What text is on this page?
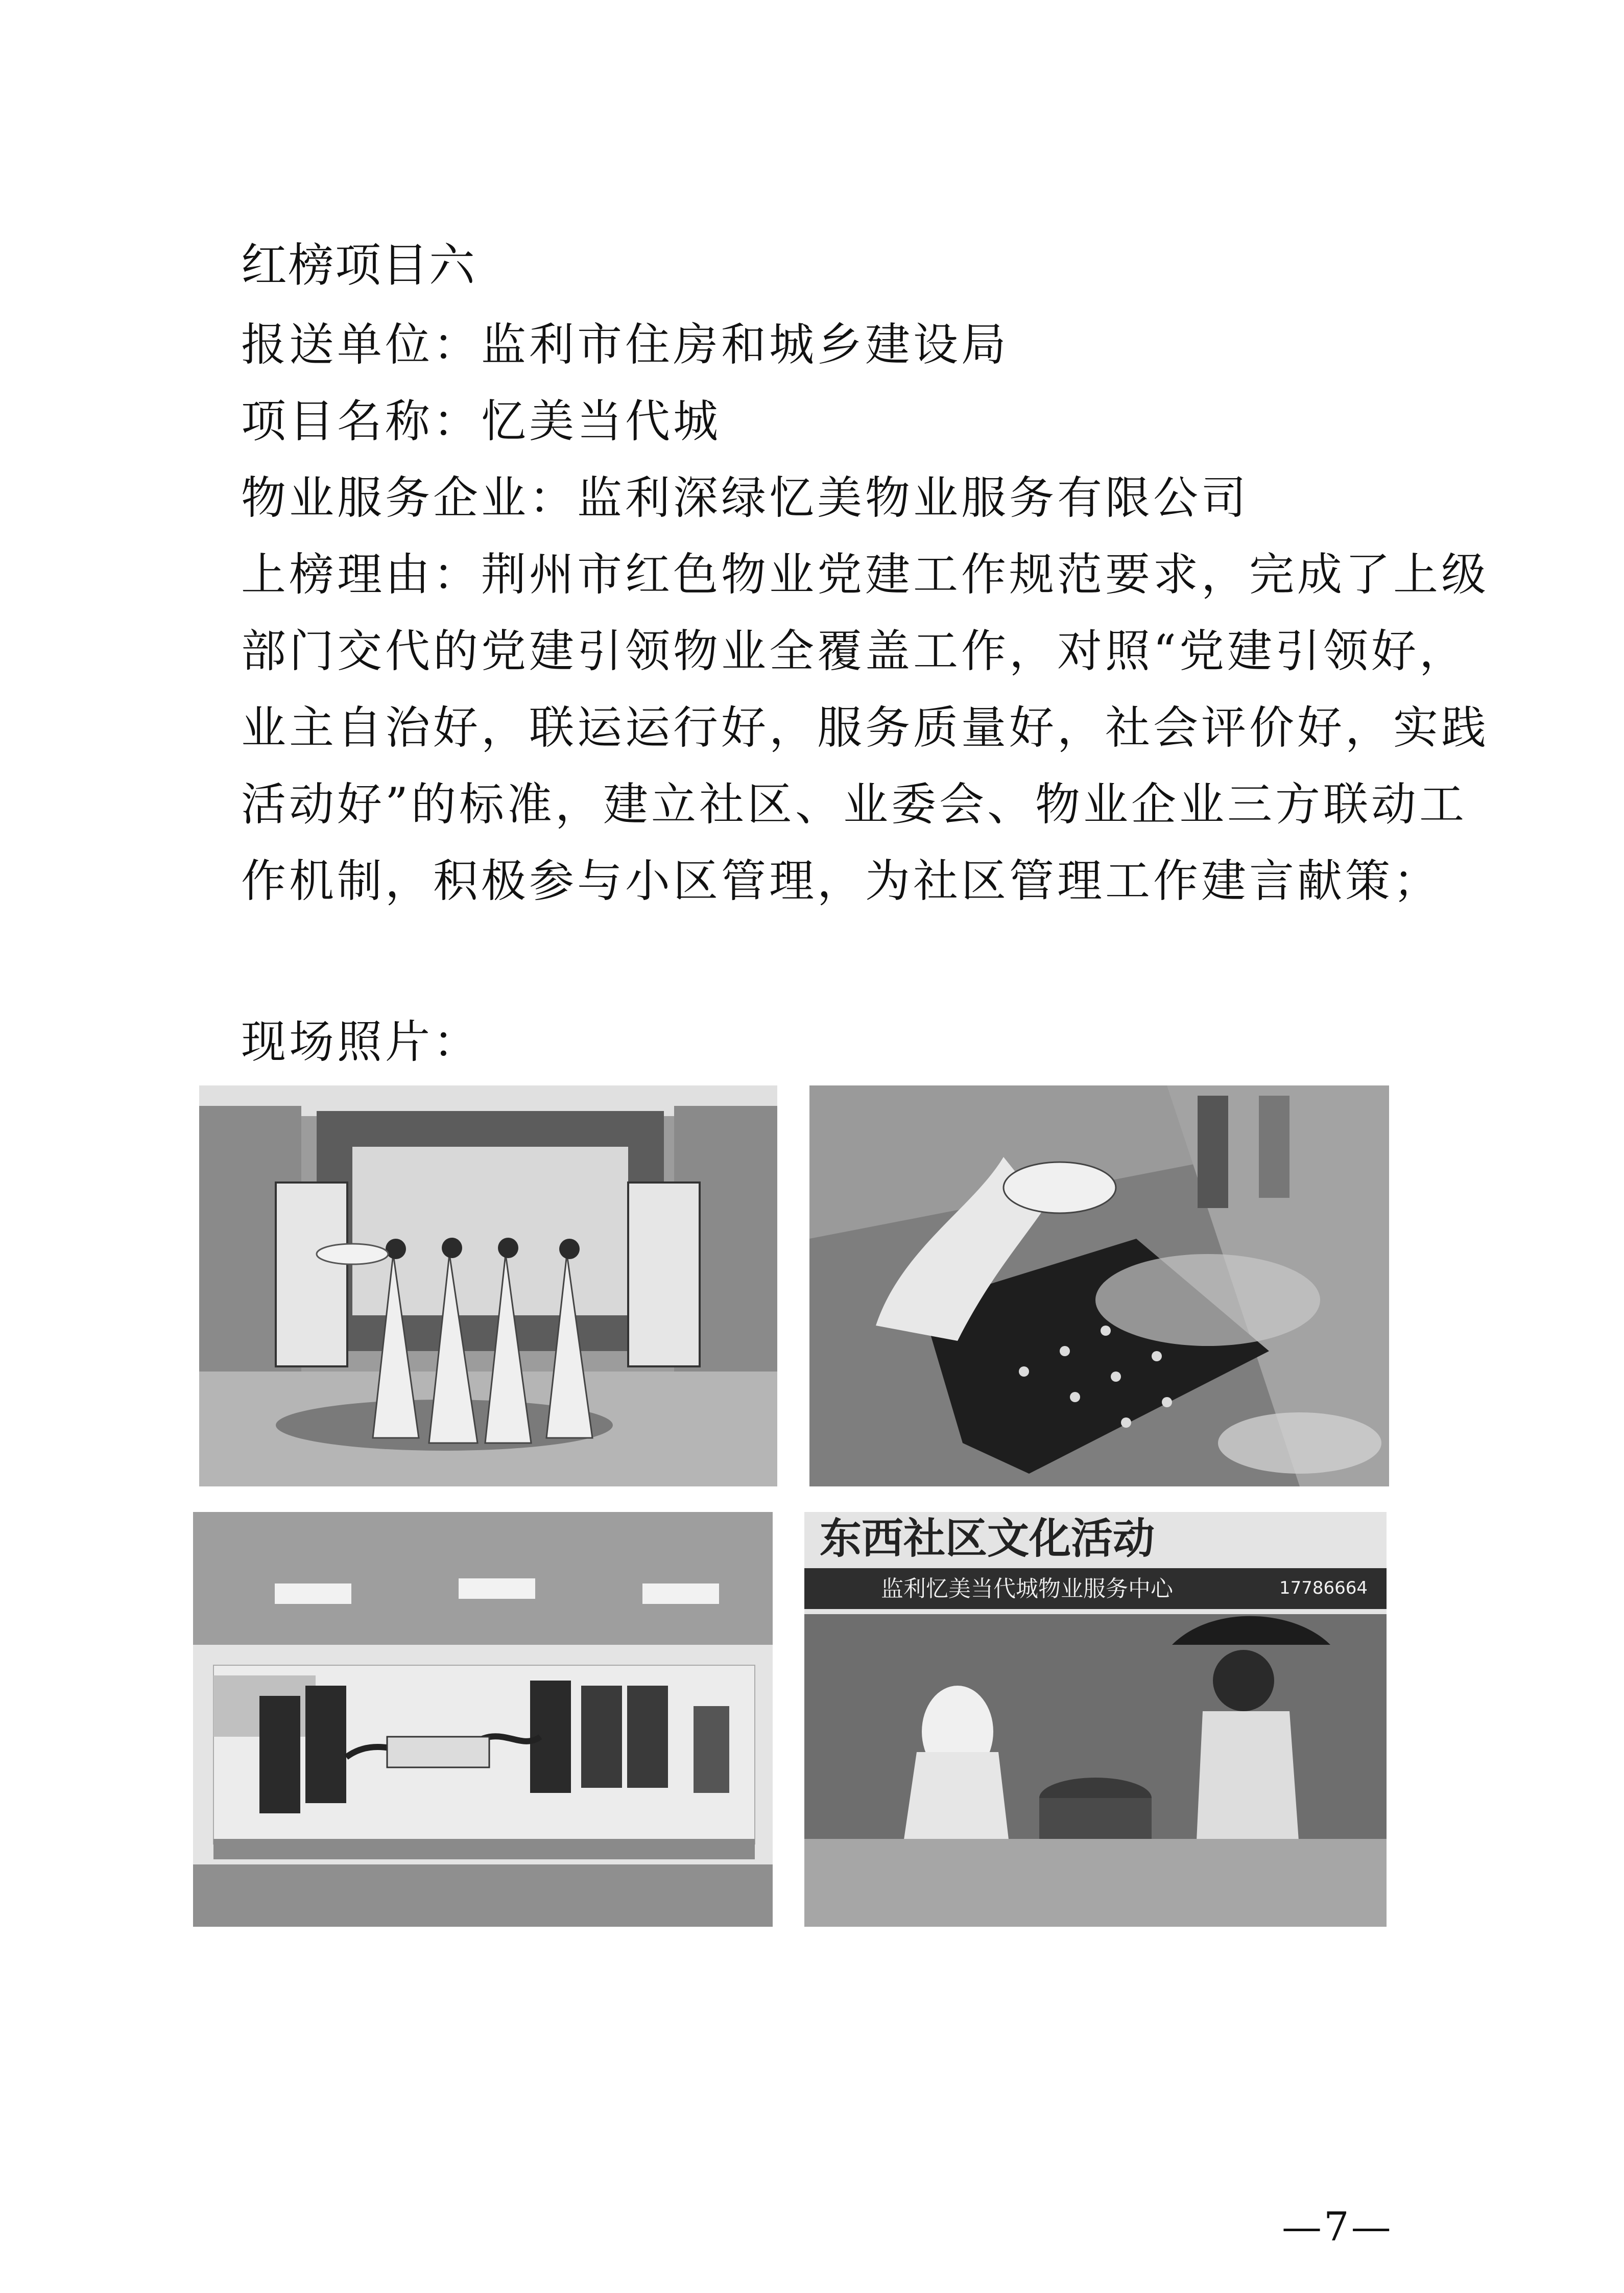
红榜项目六
报送单位：监利市住房和城乡建设局
项目名称：忆美当代城
物业服务企业：监利深绿忆美物业服务有限公司
上榜理由：荆州市红色物业党建工作规范要求，完成了上级
部门交代的党建引领物业全覆盖工作，对照“党建引领好，
业主自治好，联运运行好，服务质量好，社会评价好，实践
活动好”的标准，建立社区、业委会、物业企业三方联动工
作机制，积极参与小区管理，为社区管理工作建言献策；
现场照片：
东西社区文化活动
监利忆美当代城物业服务中心	17786664
—7—
